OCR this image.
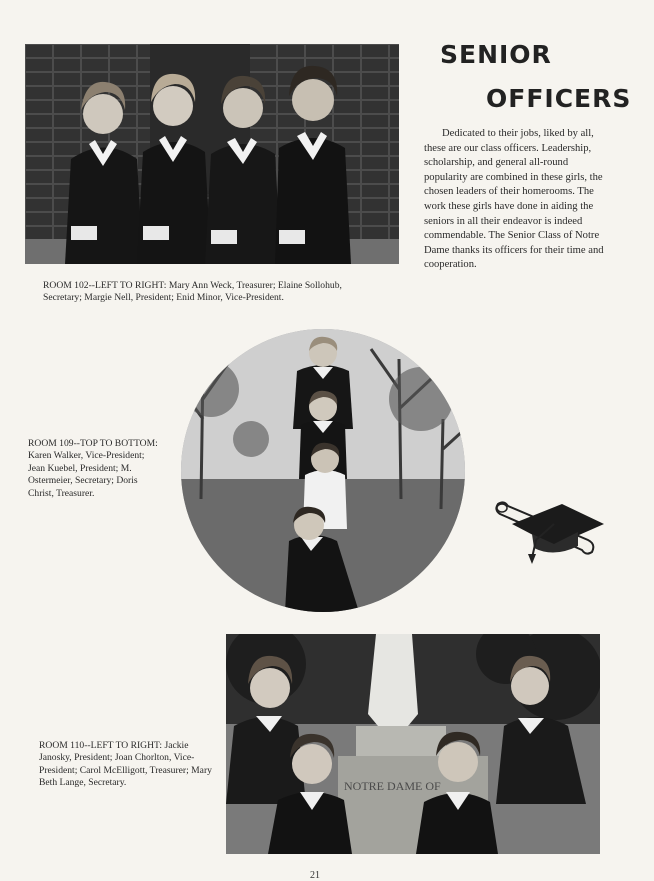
SENIOR
OFFICERS

Dedicated to their jobs, liked by all, these are our class officers. Leadership, scholarship, and general all-round popularity are combined in these girls, the chosen leaders of their homerooms. The work these girls have done in aiding the seniors in all their endeavor is indeed commendable. The Senior Class of Notre Dame thanks its officers for their time and cooperation.

ROOM 102--LEFT TO RIGHT: Mary Ann Weck, Treasurer; Elaine Sollohub, Secretary; Margie Nell, President; Enid Minor, Vice-President.

ROOM 109--TOP TO BOTTOM: Karen Walker, Vice-President; Jean Kuebel, President; M. Ostermeier, Secretary; Doris Christ, Treasurer.

NOTRE DAME OF

ROOM 110--LEFT TO RIGHT: Jackie Janosky, President; Joan Chorlton, Vice-President; Carol McElligott, Treasurer; Mary Beth Lange, Secretary.

21
